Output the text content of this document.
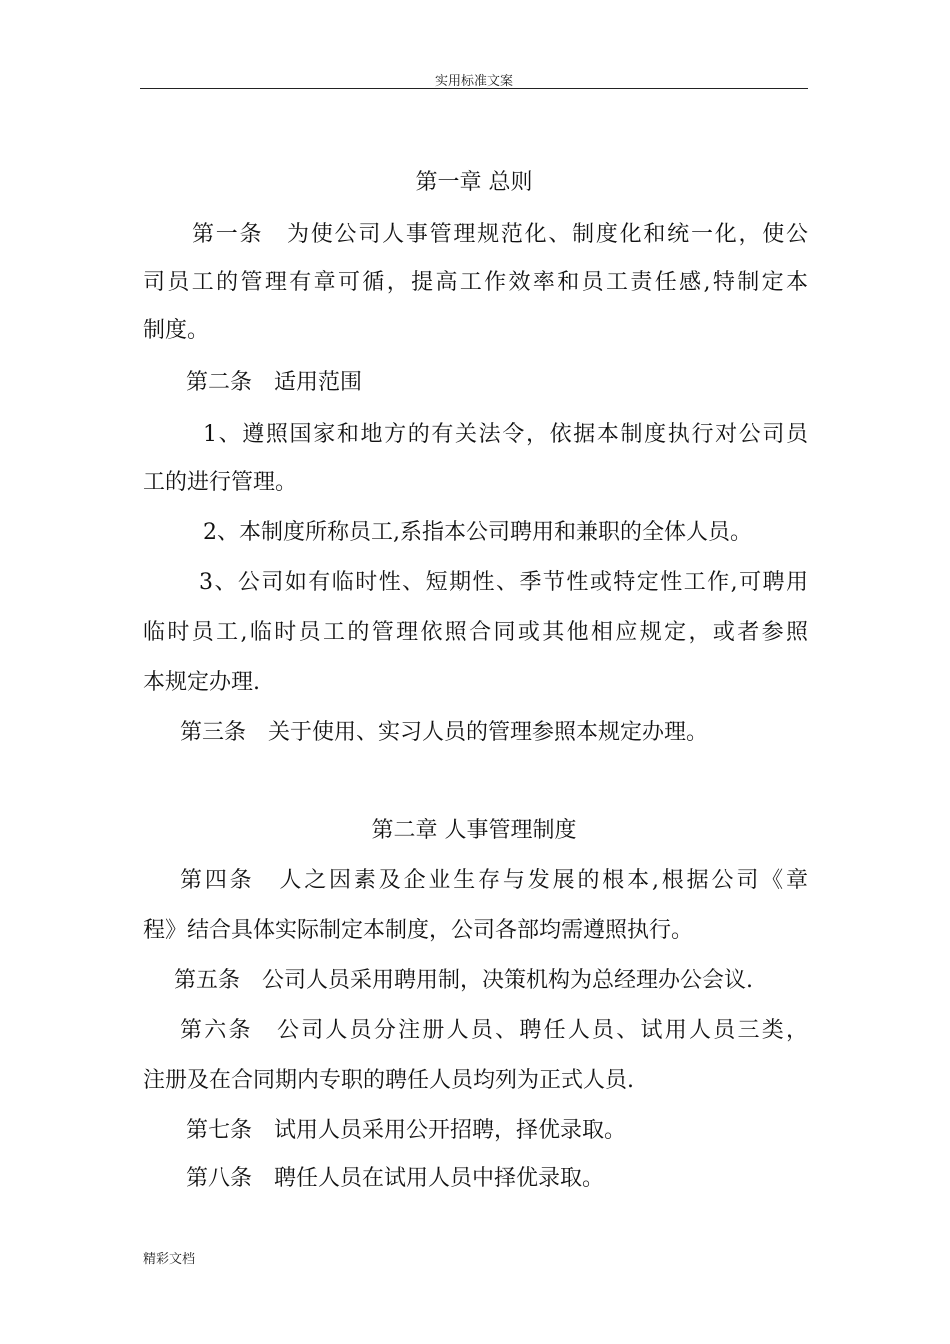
实用标准文案
第一章 总则
第一条 为使公司人事管理规范化、制度化和统一化，使公
司员工的管理有章可循，提高工作效率和员工责任感,特制定本
制度。
第二条 适用范围
1、遵照国家和地方的有关法令，依据本制度执行对公司员
工的进行管理。
2、本制度所称员工,系指本公司聘用和兼职的全体人员。
3、公司如有临时性、短期性、季节性或特定性工作,可聘用
临时员工,临时员工的管理依照合同或其他相应规定，或者参照
本规定办理.
第三条 关于使用、实习人员的管理参照本规定办理。
第二章 人事管理制度
第四条 人之因素及企业生存与发展的根本,根据公司《章
程》结合具体实际制定本制度，公司各部均需遵照执行。
第五条 公司人员采用聘用制，决策机构为总经理办公会议.
第六条 公司人员分注册人员、聘任人员、试用人员三类，
注册及在合同期内专职的聘任人员均列为正式人员.
第七条 试用人员采用公开招聘，择优录取。
第八条 聘任人员在试用人员中择优录取。
精彩文档
